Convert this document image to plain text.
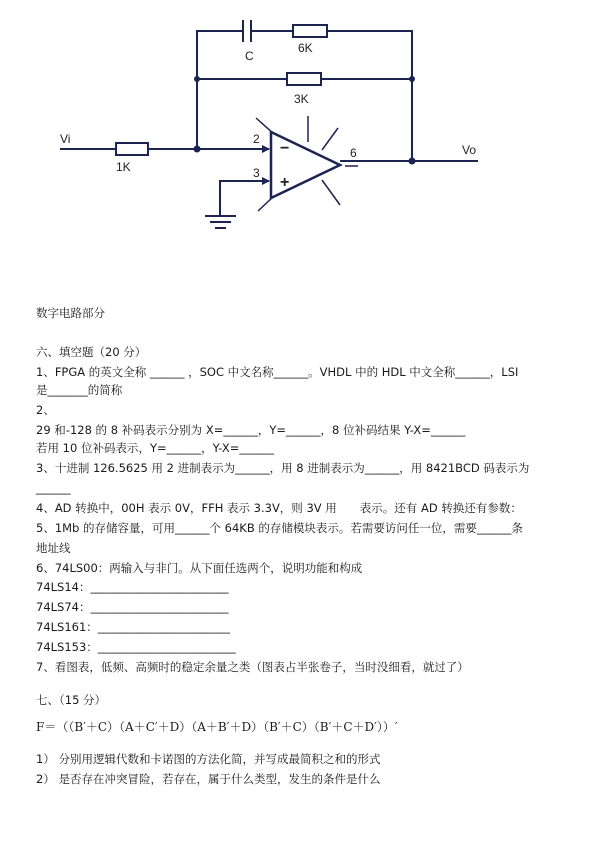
C
6K
3K
Vi
1K
Vo
2
3
6
−
+
数字电路部分
六、填空题（20 分）
1、FPGA 的英文全称 ______ ，SOC 中文名称______。VHDL 中的 HDL 中文全称______，LSI
是_______的简称
2、
29 和-128 的 8 补码表示分别为 X=______，Y=______，8 位补码结果 Y-X=______
若用 10 位补码表示，Y=______，Y-X=______
3、十进制 126.5625 用 2 进制表示为______，用 8 进制表示为______，用 8421BCD 码表示为
______
4、AD 转换中，00H 表示 0V，FFH 表示 3.3V，则 3V 用　　表示。还有 AD 转换还有参数：
5、1Mb 的存储容量，可用______个 64KB 的存储模块表示。若需要访问任一位，需要______条
地址线
6、74LS00：两输入与非门。从下面任选两个，说明功能和构成
74LS14：________________________
74LS74：________________________
74LS161：_______________________
74LS153：________________________
7、看图表，低频、高频时的稳定余量之类（图表占半张卷子，当时没细看，就过了）
七、（15 分）
F＝（（B′＋C）（A＋C′＋D）（A＋B′＋D）（B′＋C）（B′＋C＋D′））′
1） 分别用逻辑代数和卡诺图的方法化简，并写成最简积之和的形式
2） 是否存在冲突冒险，若存在，属于什么类型，发生的条件是什么
